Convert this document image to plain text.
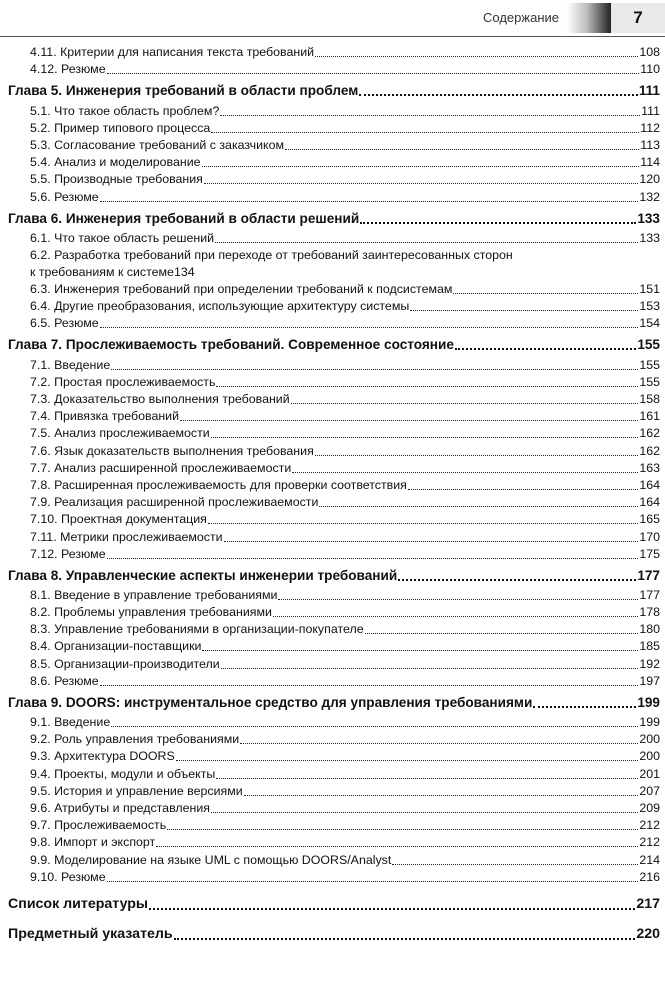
Содержание	7
4.11. Критерии для написания текста требований	108
4.12. Резюме	110
Глава 5. Инженерия требований в области проблем	111
5.1. Что такое область проблем?	111
5.2. Пример типового процесса	112
5.3. Согласование требований с заказчиком	113
5.4. Анализ и моделирование	114
5.5. Производные требования	120
5.6. Резюме	132
Глава 6. Инженерия требований в области решений	133
6.1. Что такое область решений	133
6.2. Разработка требований при переходе от требований заинтересованных сторон
к требованиям к системе 134
6.3. Инженерия требований при определении требований к подсистемам	151
6.4. Другие преобразования, использующие архитектуру системы	153
6.5. Резюме	154
Глава 7. Прослеживаемость требований. Современное состояние	155
7.1. Введение	155
7.2. Простая прослеживаемость	155
7.3. Доказательство выполнения требований	158
7.4. Привязка требований	161
7.5. Анализ прослеживаемости	162
7.6. Язык доказательств выполнения требования	162
7.7. Анализ расширенной прослеживаемости	163
7.8. Расширенная прослеживаемость для проверки соответствия	164
7.9. Реализация расширенной прослеживаемости	164
7.10. Проектная документация	165
7.11. Метрики прослеживаемости	170
7.12. Резюме	175
Глава 8. Управленческие аспекты инженерии требований	177
8.1. Введение в управление требованиями	177
8.2. Проблемы управления требованиями	178
8.3. Управление требованиями в организации-покупателе	180
8.4. Организации-поставщики	185
8.5. Организации-производители	192
8.6. Резюме	197
Глава 9. DOORS: инструментальное средство для управления требованиями	199
9.1. Введение	199
9.2. Роль управления требованиями	200
9.3. Архитектура DOORS	200
9.4. Проекты, модули и объекты	201
9.5. История и управление версиями	207
9.6. Атрибуты и представления	209
9.7. Прослеживаемость	212
9.8. Импорт и экспорт	212
9.9. Моделирование на языке UML с помощью DOORS/Analyst	214
9.10. Резюме	216
Список литературы	217
Предметный указатель	220
